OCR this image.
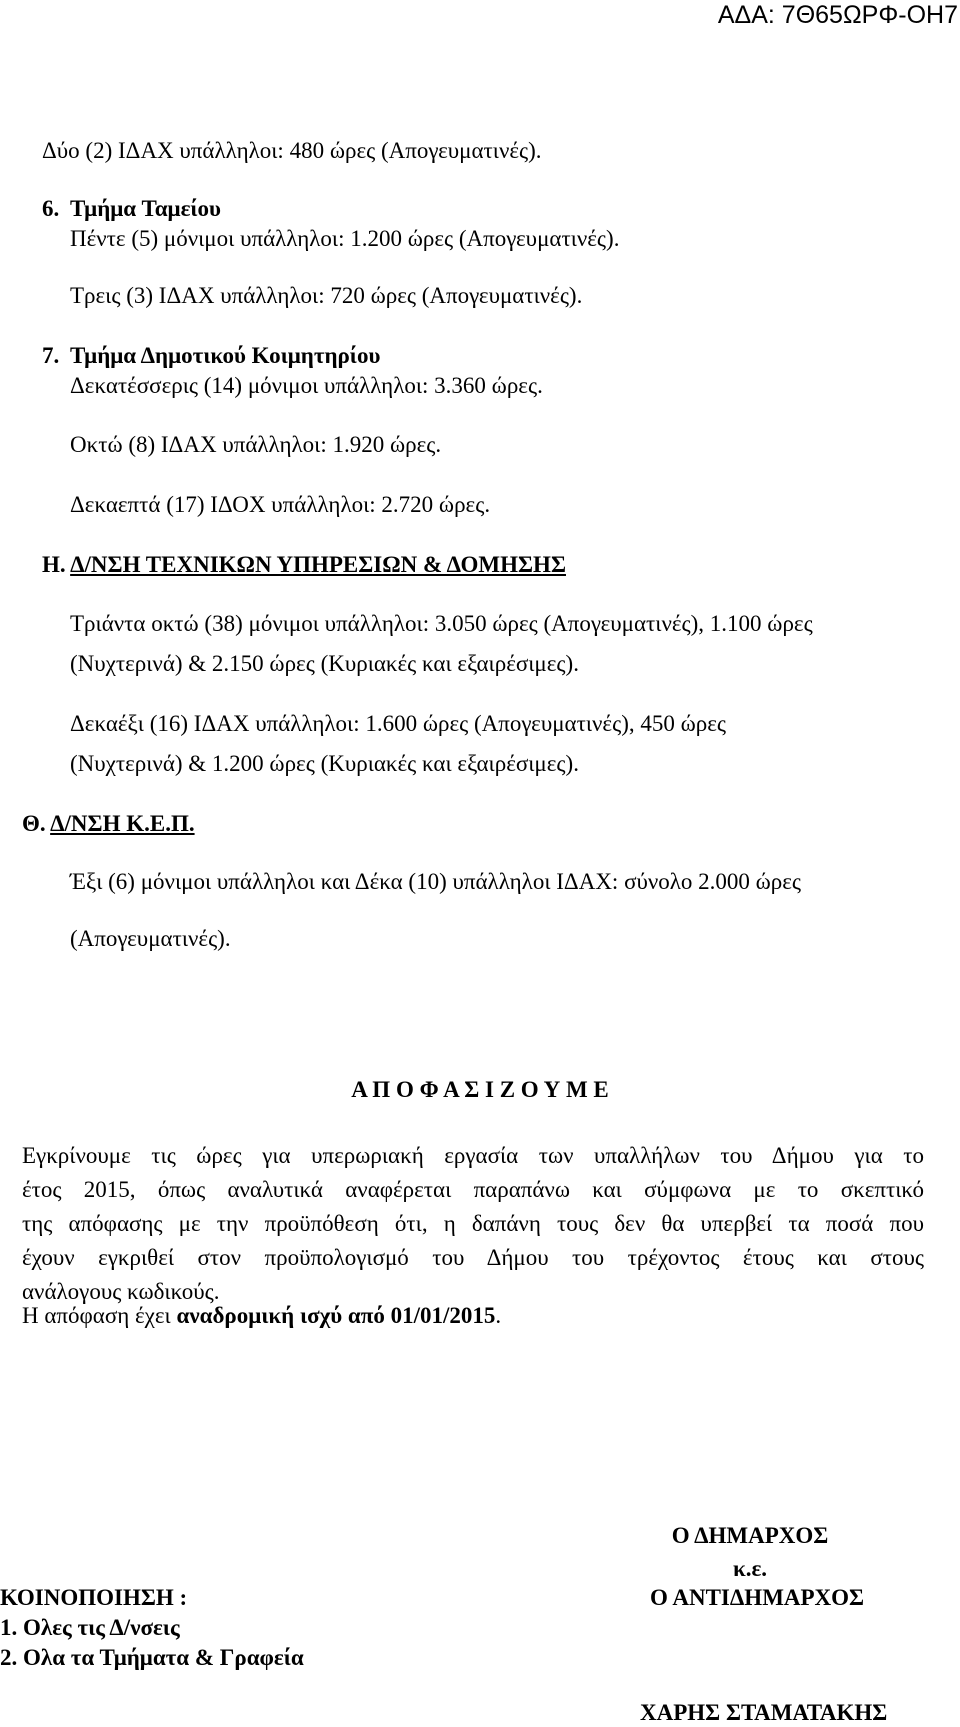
ΑΔΑ: 7Θ65ΩΡΦ-ΟΗ7
Δύο (2) ΙΔΑΧ υπάλληλοι: 480 ώρες (Απογευματινές).
6. Τμήμα Ταμείου
Πέντε (5) μόνιμοι υπάλληλοι: 1.200 ώρες (Απογευματινές).
Τρεις (3) ΙΔΑΧ υπάλληλοι: 720 ώρες (Απογευματινές).
7. Τμήμα Δημοτικού Κοιμητηρίου
Δεκατέσσερις (14) μόνιμοι υπάλληλοι: 3.360 ώρες.
Οκτώ (8) ΙΔΑΧ υπάλληλοι: 1.920 ώρες.
Δεκαεπτά (17) ΙΔΟΧ υπάλληλοι: 2.720 ώρες.
Η. Δ/ΝΣΗ ΤΕΧΝΙΚΩΝ ΥΠΗΡΕΣΙΩΝ & ΔΟΜΗΣΗΣ
Τριάντα οκτώ (38) μόνιμοι υπάλληλοι: 3.050 ώρες (Απογευματινές), 1.100 ώρες
(Νυχτερινά) & 2.150 ώρες (Κυριακές και εξαιρέσιμες).
Δεκαέξι (16) ΙΔΑΧ υπάλληλοι: 1.600 ώρες (Απογευματινές), 450 ώρες
(Νυχτερινά) & 1.200 ώρες (Κυριακές και εξαιρέσιμες).
Θ. Δ/ΝΣΗ Κ.Ε.Π.
Έξι (6) μόνιμοι υπάλληλοι και Δέκα (10) υπάλληλοι ΙΔΑΧ: σύνολο 2.000 ώρες
(Απογευματινές).
Α Π Ο Φ Α Σ Ι Ζ Ο Υ Μ Ε
Εγκρίνουμε τις ώρες για υπερωριακή εργασία των υπαλλήλων του Δήμου για το
έτος 2015, όπως αναλυτικά αναφέρεται παραπάνω και σύμφωνα με το σκεπτικό
της απόφασης με την προϋπόθεση ότι, η δαπάνη τους δεν θα υπερβεί τα ποσά που
έχουν εγκριθεί στον προϋπολογισμό του Δήμου του τρέχοντος έτους και στους
ανάλογους κωδικούς.
Η απόφαση έχει αναδρομική ισχύ από 01/01/2015.
Ο ΔΗΜΑΡΧΟΣ
κ.ε.
Ο ΑΝΤΙΔΗΜΑΡΧΟΣ
ΧΑΡΗΣ ΣΤΑΜΑΤΑΚΗΣ
ΚΟΙΝΟΠΟΙΗΣΗ :
1. Ολες τις Δ/νσεις
2. Ολα τα Τμήματα & Γραφεία
